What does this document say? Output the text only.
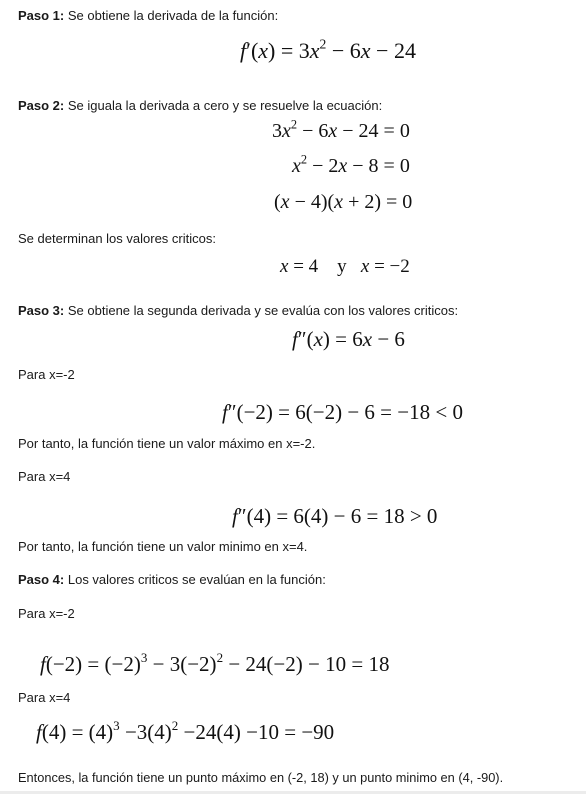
Paso 1: Se obtiene la derivada de la función:
$f'(x) = 3x^2 - 6x - 24$
Paso 2: Se iguala la derivada a cero y se resuelve la ecuación:
$3x^2 - 6x - 24 = 0$
$x^2 - 2x - 8 = 0$
(x − 4)(x + 2) = 0
Se determinan los valores criticos:
x = 4    y   x = −2
Paso 3: Se obtiene la segunda derivada y se evalúa con los valores criticos:
f″(x) = 6x − 6
Para x=-2
f″(−2) = 6(−2) − 6 = −18 < 0
Por tanto, la función tiene un valor máximo en x=-2.
Para x=4
f″(4) = 6(4) − 6 = 18 > 0
Por tanto, la función tiene un valor minimo en x=4.
Paso 4: Los valores criticos se evalúan en la función:
Para x=-2
$f(-2) = (-2)^3 - 3(-2)^2 - 24(-2) - 10 = 18$
Para x=4
$f(4) = (4)^3 -3(4)^2 -24(4) -10 = -90$
Entonces, la función tiene un punto máximo en (-2, 18) y un punto minimo en (4, -90).
